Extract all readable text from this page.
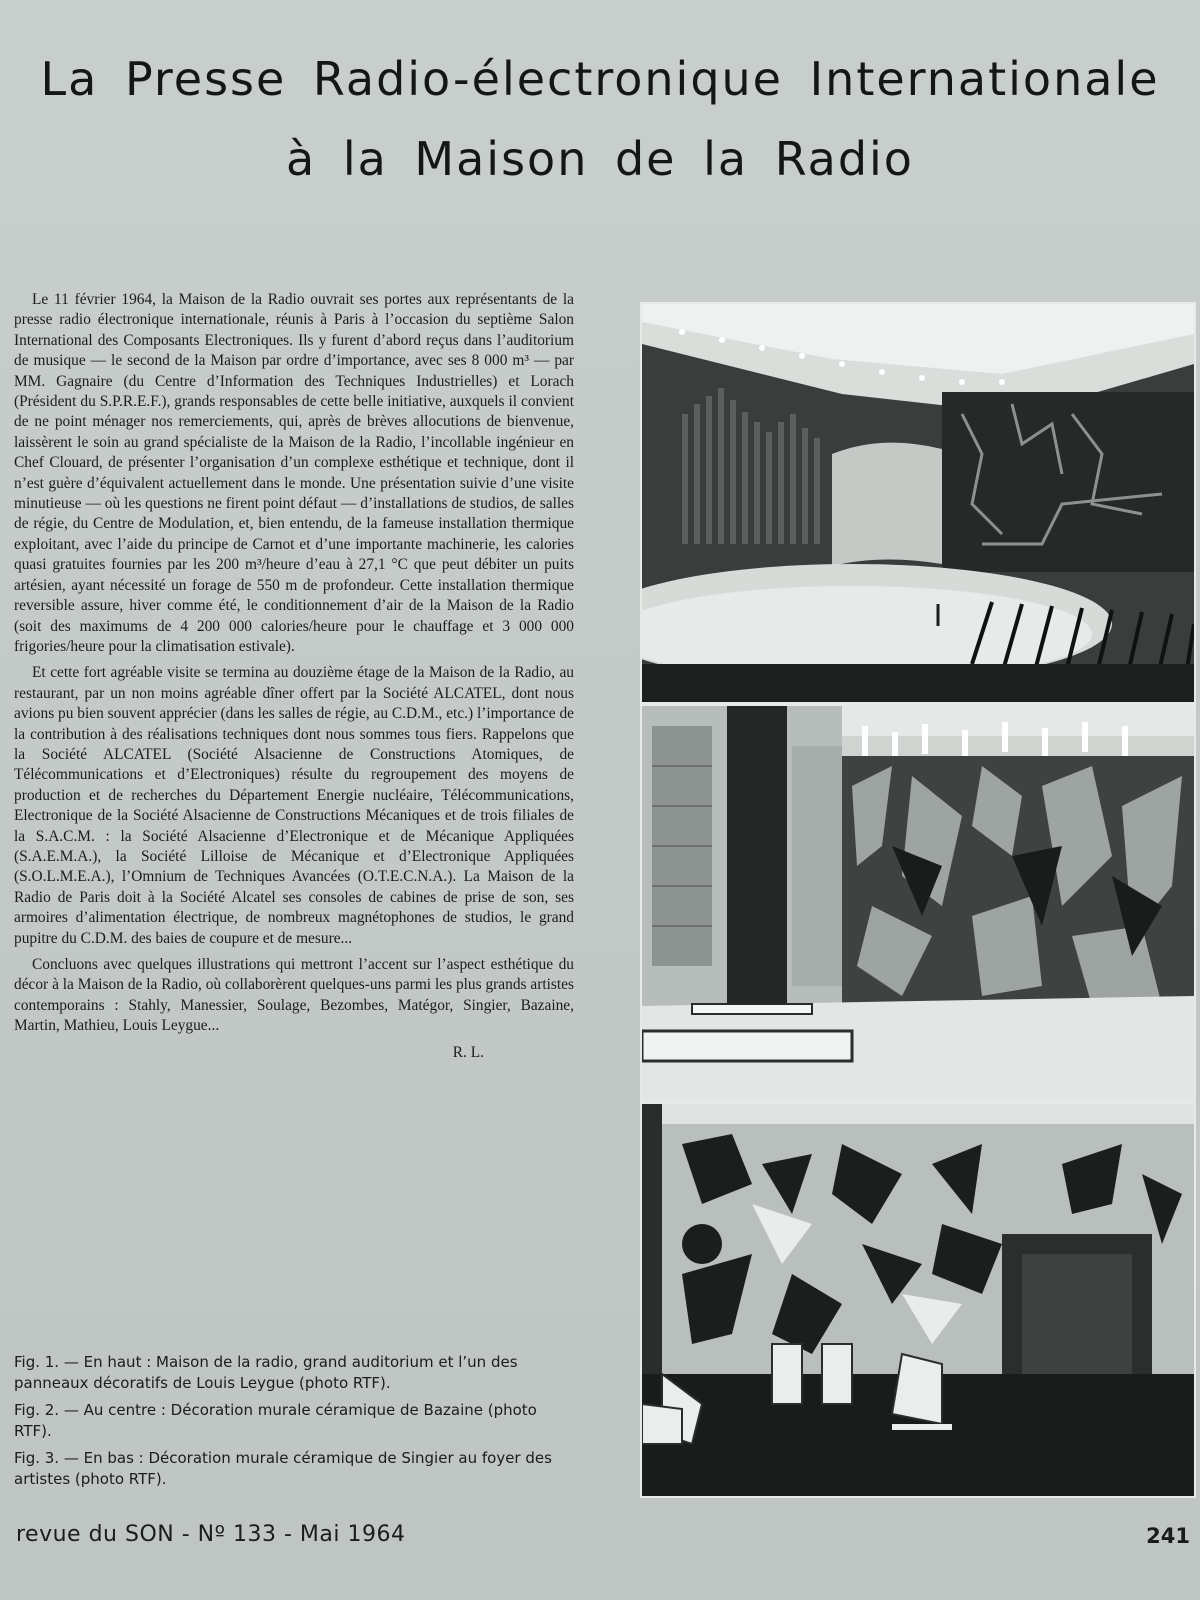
La Presse Radio-électronique Internationale
à la Maison de la Radio

Le 11 février 1964, la Maison de la Radio ouvrait ses portes aux représentants de la presse radio électronique internationale, réunis à Paris à l’occasion du septième Salon International des Composants Electroniques. Ils y furent d’abord reçus dans l’auditorium de musique — le second de la Maison par ordre d’importance, avec ses 8 000 m³ — par MM. Gagnaire (du Centre d’Information des Techniques Industrielles) et Lorach (Président du S.P.R.E.F.), grands responsables de cette belle initiative, auxquels il convient de ne point ménager nos remerciements, qui, après de brèves allocutions de bienvenue, laissèrent le soin au grand spécialiste de la Maison de la Radio, l’incollable ingénieur en Chef Clouard, de présenter l’organisation d’un complexe esthétique et technique, dont il n’est guère d’équivalent actuellement dans le monde. Une présentation suivie d’une visite minutieuse — où les questions ne firent point défaut — d’installations de studios, de salles de régie, du Centre de Modulation, et, bien entendu, de la fameuse installation thermique exploitant, avec l’aide du principe de Carnot et d’une importante machinerie, les calories quasi gratuites fournies par les 200 m³/heure d’eau à 27,1 °C que peut débiter un puits artésien, ayant nécessité un forage de 550 m de profondeur. Cette installation thermique reversible assure, hiver comme été, le conditionnement d’air de la Maison de la Radio (soit des maximums de 4 200 000 calories/heure pour le chauffage et 3 000 000 frigories/heure pour la climatisation estivale).

Et cette fort agréable visite se termina au douzième étage de la Maison de la Radio, au restaurant, par un non moins agréable dîner offert par la Société ALCATEL, dont nous avions pu bien souvent apprécier (dans les salles de régie, au C.D.M., etc.) l’importance de la contribution à des réalisations techniques dont nous sommes tous fiers. Rappelons que la Société ALCATEL (Société Alsacienne de Constructions Atomiques, de Télécommunications et d’Electroniques) résulte du regroupement des moyens de production et de recherches du Département Energie nucléaire, Télécommunications, Electronique de la Société Alsacienne de Constructions Mécaniques et de trois filiales de la S.A.C.M. : la Société Alsacienne d’Electronique et de Mécanique Appliquées (S.A.E.M.A.), la Société Lilloise de Mécanique et d’Electronique Appliquées (S.O.L.M.E.A.), l’Omnium de Techniques Avancées (O.T.E.C.N.A.). La Maison de la Radio de Paris doit à la Société Alcatel ses consoles de cabines de prise de son, ses armoires d’alimentation électrique, de nombreux magnétophones de studios, le grand pupitre du C.D.M. des baies de coupure et de mesure...

Concluons avec quelques illustrations qui mettront l’accent sur l’aspect esthétique du décor à la Maison de la Radio, où collaborèrent quelques-uns parmi les plus grands artistes contemporains : Stahly, Manessier, Soulage, Bezombes, Matégor, Singier, Bazaine, Martin, Mathieu, Louis Leygue...

R. L.

Fig. 1. — En haut : Maison de la radio, grand auditorium et l’un des panneaux décoratifs de Louis Leygue (photo RTF).

Fig. 2. — Au centre : Décoration murale céramique de Bazaine (photo RTF).

Fig. 3. — En bas : Décoration murale céramique de Singier au foyer des artistes (photo RTF).

revue du SON - Nº 133 - Mai 1964	241
